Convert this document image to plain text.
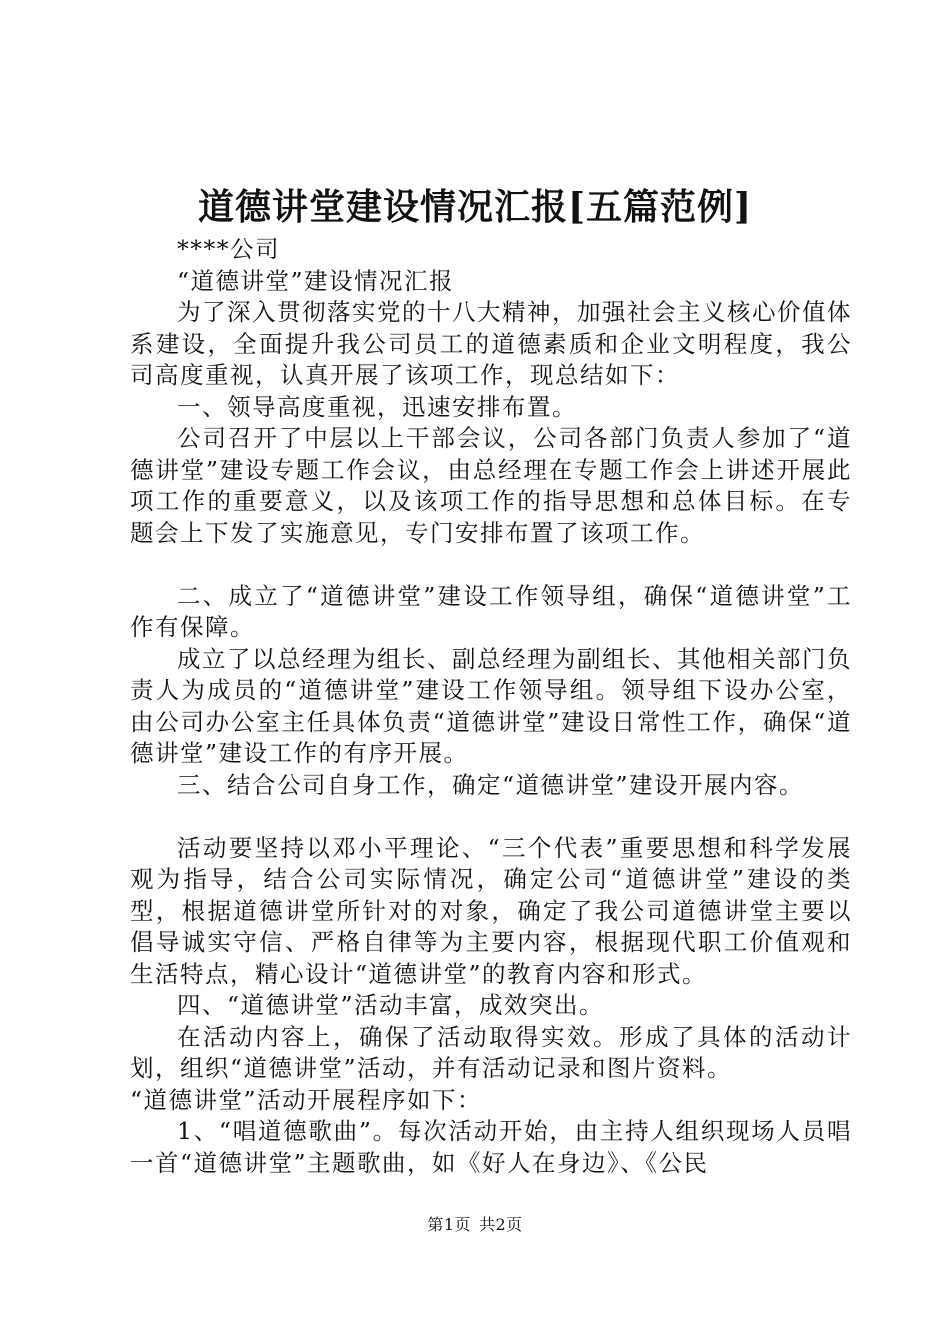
道德讲堂建设情况汇报[五篇范例]

****公司

“道德讲堂”建设情况汇报

为了深入贯彻落实党的十八大精神，加强社会主义核心价值体系建设，全面提升我公司员工的道德素质和企业文明程度，我公司高度重视，认真开展了该项工作，现总结如下：

一、领导高度重视，迅速安排布置。

公司召开了中层以上干部会议，公司各部门负责人参加了“道德讲堂”建设专题工作会议，由总经理在专题工作会上讲述开展此项工作的重要意义，以及该项工作的指导思想和总体目标。在专题会上下发了实施意见，专门安排布置了该项工作。

二、成立了“道德讲堂”建设工作领导组，确保“道德讲堂”工作有保障。

成立了以总经理为组长、副总经理为副组长、其他相关部门负责人为成员的“道德讲堂”建设工作领导组。领导组下设办公室，由公司办公室主任具体负责“道德讲堂”建设日常性工作，确保“道德讲堂”建设工作的有序开展。

三、结合公司自身工作，确定“道德讲堂”建设开展内容。

活动要坚持以邓小平理论、“三个代表”重要思想和科学发展观为指导，结合公司实际情况，确定公司“道德讲堂”建设的类型，根据道德讲堂所针对的对象，确定了我公司道德讲堂主要以倡导诚实守信、严格自律等为主要内容，根据现代职工价值观和生活特点，精心设计“道德讲堂”的教育内容和形式。

四、“道德讲堂”活动丰富，成效突出。

在活动内容上，确保了活动取得实效。形成了具体的活动计划，组织“道德讲堂”活动，并有活动记录和图片资料。

“道德讲堂”活动开展程序如下：

1、“唱道德歌曲”。每次活动开始，由主持人组织现场人员唱一首“道德讲堂”主题歌曲，如《好人在身边》、《公民

第1页 共2页
